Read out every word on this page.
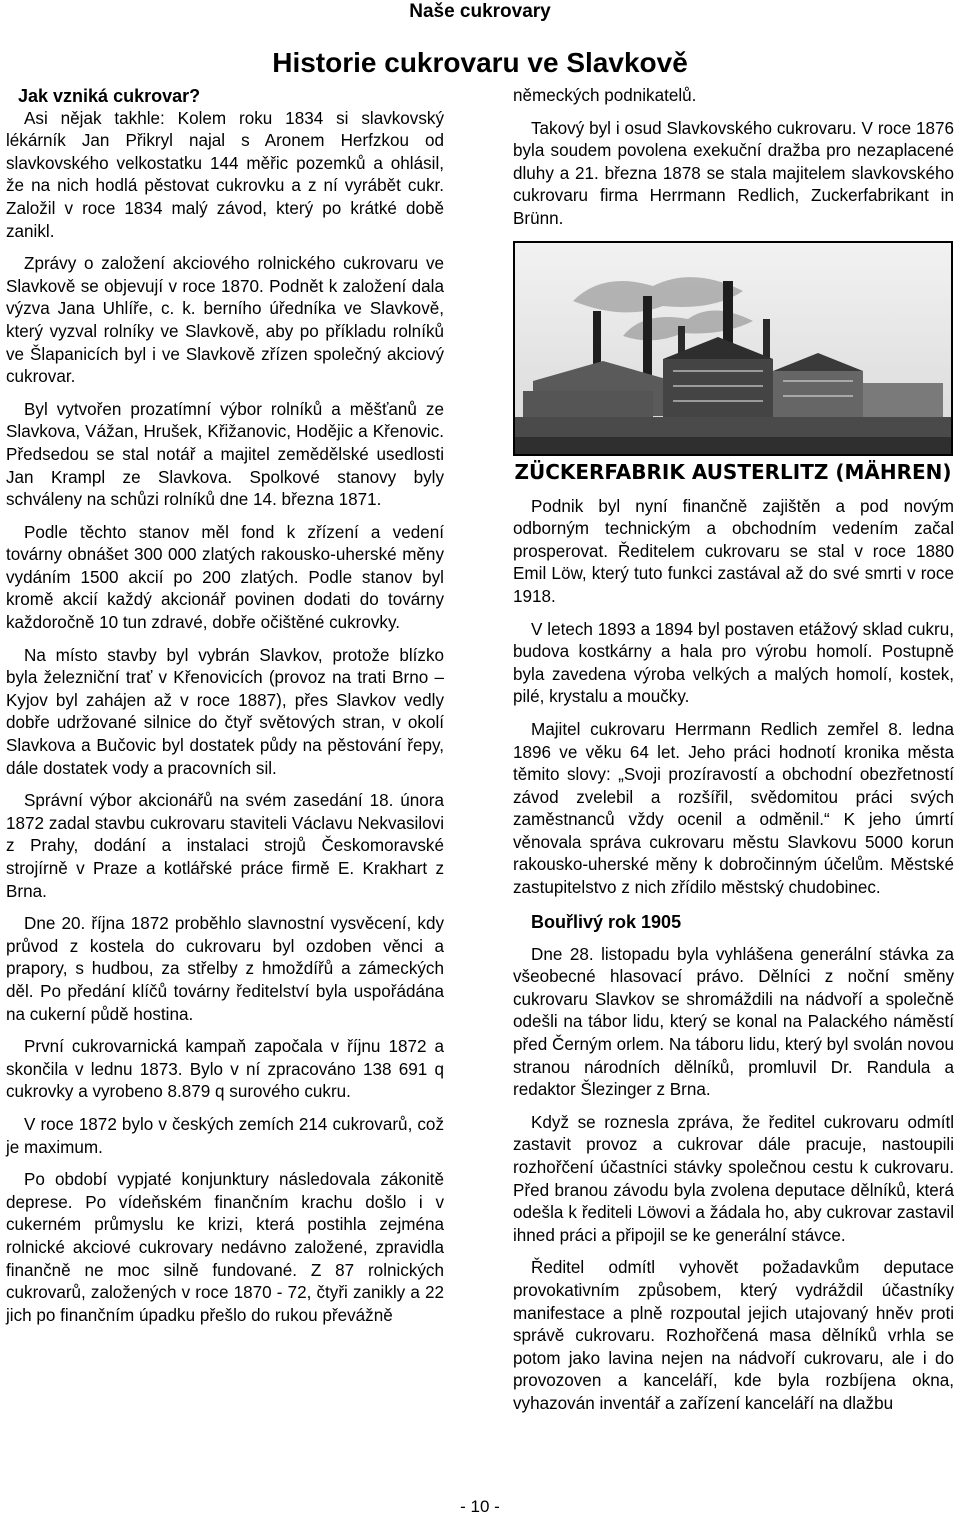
Naše cukrovary
Historie cukrovaru ve Slavkově
Jak vzniká cukrovar?

Asi nějak takhle: Kolem roku 1834 si slavkovský lékárník Jan Přikryl najal s Aronem Herfzkou od slavkovského velkostatku 144 měřic pozemků a ohlásil, že na nich hodlá pěstovat cukrovku a z ní vyrábět cukr. Založil v roce 1834 malý závod, který po krátké době zanikl.

Zprávy o založení akciového rolnického cukrovaru ve Slavkově se objevují v roce 1870. Podnět k založení dala výzva Jana Uhlíře, c. k. berního úředníka ve Slavkově, který vyzval rolníky ve Slavkově, aby po příkladu rolníků ve Šlapanicích byl i ve Slavkově zřízen společný akciový cukrovar.

Byl vytvořen prozatímní výbor rolníků a měšťanů ze Slavkova, Vážan, Hrušek, Křižanovic, Hodějic a Křenovic. Předsedou se stal notář a majitel zemědělské usedlosti Jan Krampl ze Slavkova. Spolkové stanovy byly schváleny na schůzi rolníků dne 14. března 1871.

Podle těchto stanov měl fond k zřízení a vedení továrny obnášet 300 000 zlatých rakousko-uherské měny vydáním 1500 akcií po 200 zlatých. Podle stanov byl kromě akcií každý akcionář povinen dodati do továrny každoročně 10 tun zdravé, dobře očištěné cukrovky.

Na místo stavby byl vybrán Slavkov, protože blízko byla železniční trať v Křenovicích (provoz na trati Brno – Kyjov byl zahájen až v roce 1887), přes Slavkov vedly dobře udržované silnice do čtyř světových stran, v okolí Slavkova a Bučovic byl dostatek půdy na pěstování řepy, dále dostatek vody a pracovních sil.

Správní výbor akcionářů na svém zasedání 18. února 1872 zadal stavbu cukrovaru staviteli Václavu Nekvasilovi z Prahy, dodání a instalaci strojů Českomoravské strojírně v Praze a kotlářské práce firmě E. Krakhart z Brna.

Dne 20. října 1872 proběhlo slavnostní vysvěcení, kdy průvod z kostela do cukrovaru byl ozdoben věnci a prapory, s hudbou, za střelby z hmoždířů a zámeckých děl. Po předání klíčů továrny ředitelství byla uspořádána na cukerní půdě hostina.

První cukrovarnická kampaň započala v říjnu 1872 a skončila v lednu 1873. Bylo v ní zpracováno 138 691 q cukrovky a vyrobeno 8.879 q surového cukru.

V roce 1872 bylo v českých zemích 214 cukrovarů, což je maximum.

Po období vypjaté konjunktury následovala zákonitě deprese. Po vídeňském finančním krachu došlo i v cukerném průmyslu ke krizi, která postihla zejména rolnické akciové cukrovary nedávno založené, zpravidla finančně ne moc silně fundované. Z 87 rolnických cukrovarů, založených v roce 1870 - 72, čtyři zanikly a 22 jich po finančním úpadku přešlo do rukou převážně

německých podnikatelů.

Takový byl i osud Slavkovského cukrovaru. V roce 1876 byla soudem povolena exekuční dražba pro nezaplacené dluhy a 21. března 1878 se stala majitelem slavkovského cukrovaru firma Herrmann Redlich, Zuckerfabrikant in Brünn.

ZÜCKERFABRIK AUSTERLITZ (MÄHREN)

Podnik byl nyní finančně zajištěn a pod novým odborným technickým a obchodním vedením začal prosperovat. Ředitelem cukrovaru se stal v roce 1880 Emil Löw, který tuto funkci zastával až do své smrti v roce 1918.

V letech 1893 a 1894 byl postaven etážový sklad cukru, budova kostkárny a hala pro výrobu homolí. Postupně byla zavedena výroba velkých a malých homolí, kostek, pilé, krystalu a moučky.

Majitel cukrovaru Herrmann Redlich zemřel 8. ledna 1896 ve věku 64 let. Jeho práci hodnotí kronika města těmito slovy: „Svoji prozíravostí a obchodní obezřetností závod zvelebil a rozšířil, svědomitou práci svých zaměstnanců vždy ocenil a odměnil.“ K jeho úmrtí věnovala správa cukrovaru městu Slavkovu 5000 korun rakousko-uherské měny k dobročinným účelům. Městské zastupitelstvo z nich zřídilo městský chudobinec.

Bouřlivý rok 1905

Dne 28. listopadu byla vyhlášena generální stávka za všeobecné hlasovací právo. Dělníci z noční směny cukrovaru Slavkov se shromáždili na nádvoří a společně odešli na tábor lidu, který se konal na Palackého náměstí před Černým orlem. Na táboru lidu, který byl svolán novou stranou národních dělníků, promluvil Dr. Randula a redaktor Šlezinger z Brna.

Když se roznesla zpráva, že ředitel cukrovaru odmítl zastavit provoz a cukrovar dále pracuje, nastoupili rozhořčení účastníci stávky společnou cestu k cukrovaru. Před branou závodu byla zvolena deputace dělníků, která odešla k řediteli Löwovi a žádala ho, aby cukrovar zastavil ihned práci a připojil se ke generální stávce.

Ředitel odmítl vyhovět požadavkům deputace provokativním způsobem, který vydráždil účastníky manifestace a plně rozpoutal jejich utajovaný hněv proti správě cukrovaru. Rozhořčená masa dělníků vrhla se potom jako lavina nejen na nádvoří cukrovaru, ale i do provozoven a kanceláří, kde byla rozbíjena okna, vyhazován inventář a zařízení kanceláří na dlažbu

- 10 -
